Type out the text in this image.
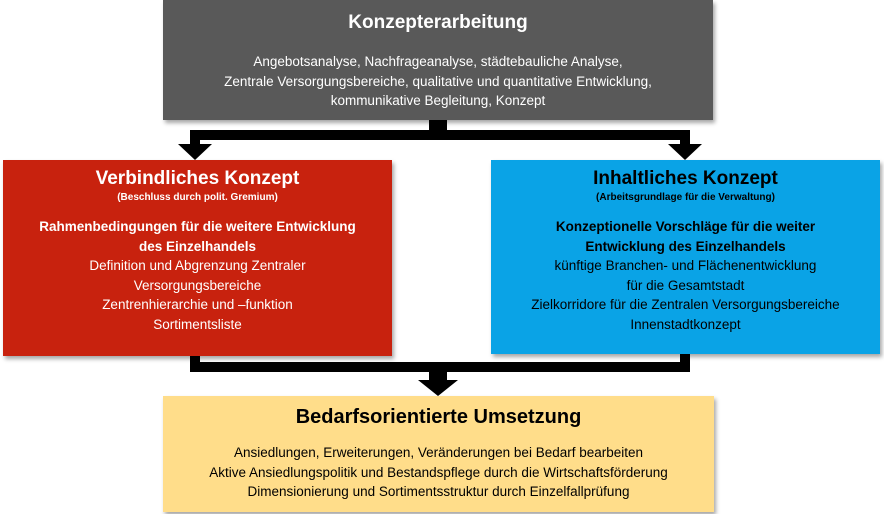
Konzepterarbeitung
Angebotsanalyse, Nachfrageanalyse, städtebauliche Analyse,
Zentrale Versorgungsbereiche, qualitative und quantitative Entwicklung,
kommunikative Begleitung, Konzept
Verbindliches Konzept
(Beschluss durch polit. Gremium)
Rahmenbedingungen für die weitere Entwicklung
des Einzelhandels
Definition und Abgrenzung Zentraler
Versorgungsbereiche
Zentrenhierarchie und –funktion
Sortimentsliste
Inhaltliches Konzept
(Arbeitsgrundlage für die Verwaltung)
Konzeptionelle Vorschläge für die weiter
Entwicklung des Einzelhandels
künftige Branchen- und Flächenentwicklung
für die Gesamtstadt
Zielkorridore für die Zentralen Versorgungsbereiche
Innenstadtkonzept
Bedarfsorientierte Umsetzung
Ansiedlungen, Erweiterungen, Veränderungen bei Bedarf bearbeiten
Aktive Ansiedlungspolitik und Bestandspflege durch die Wirtschaftsförderung
Dimensionierung und Sortimentsstruktur durch Einzelfallprüfung
